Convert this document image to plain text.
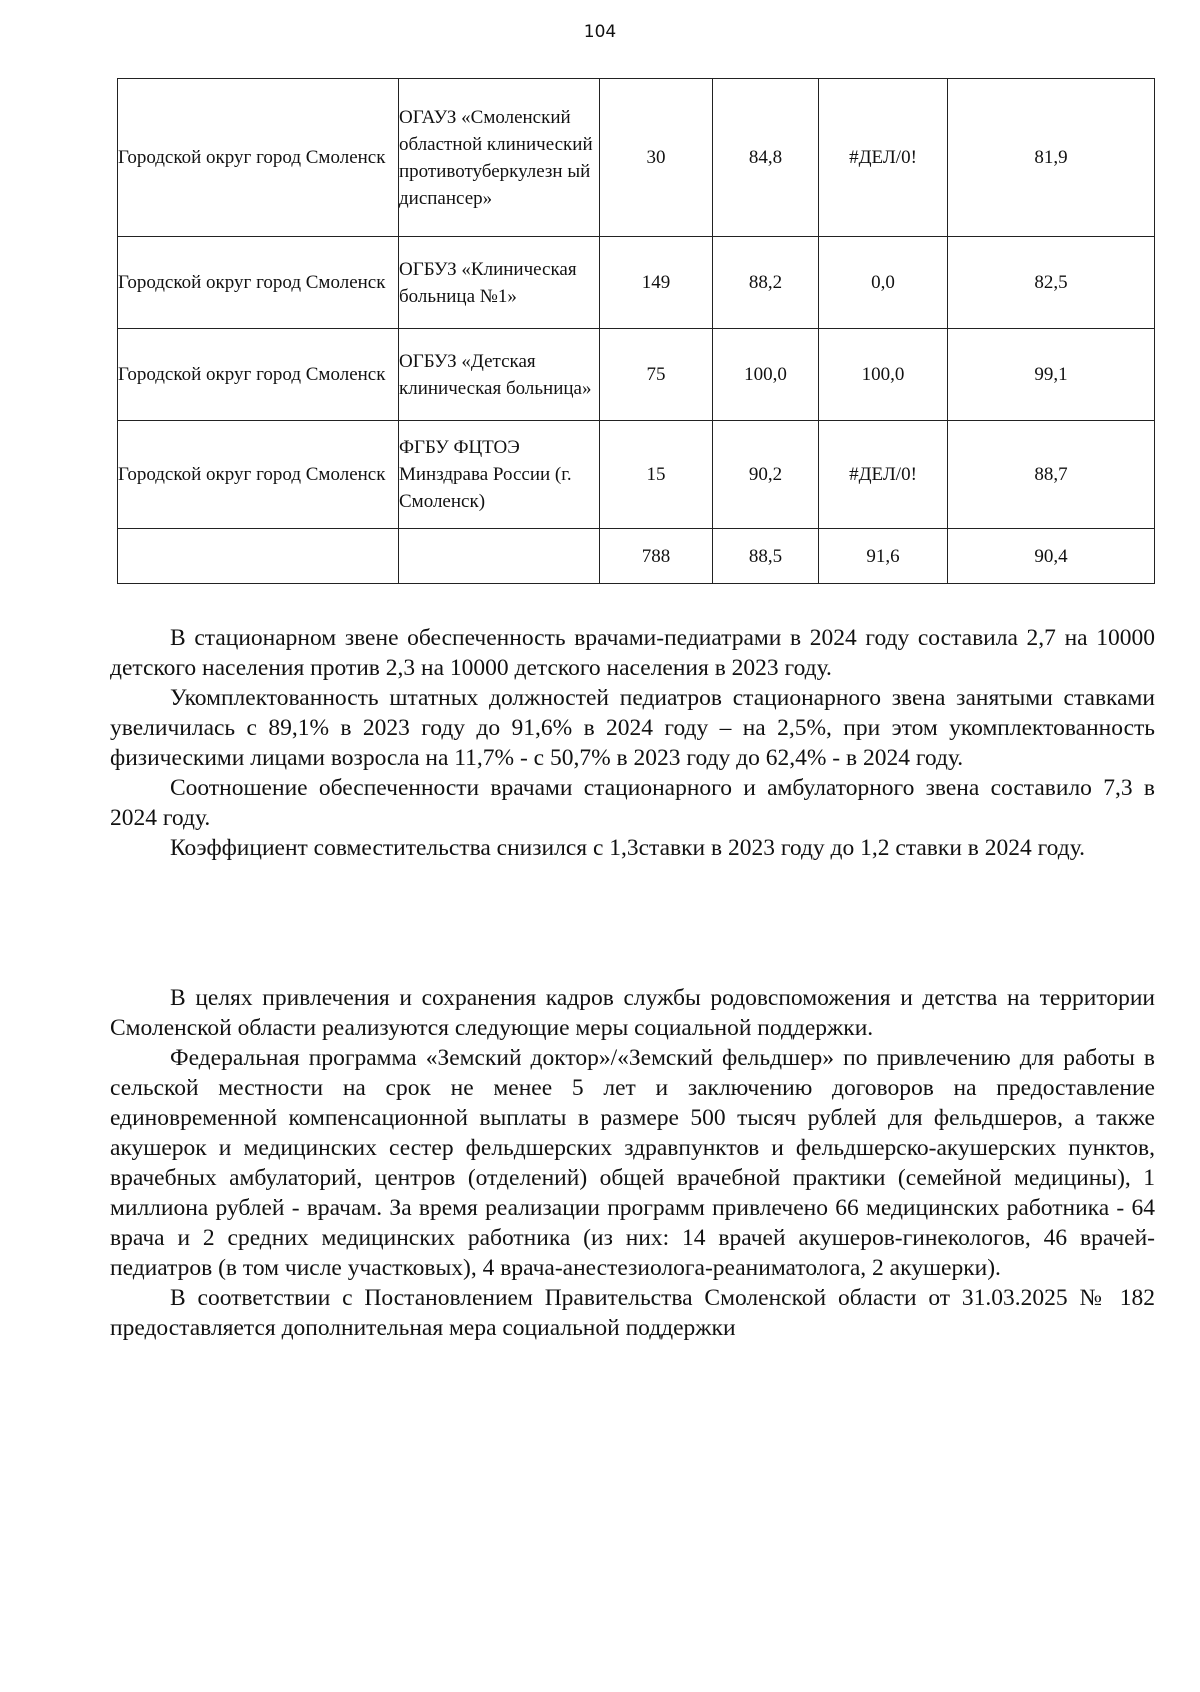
104
Городской округ город Смоленск	ОГАУЗ «Смоленский областной клинический противотуберкулезн ый диспансер»	30	84,8	#ДЕЛ/0!	81,9
Городской округ город Смоленск	ОГБУЗ «Клиническая больница №1»	149	88,2	0,0	82,5
Городской округ город Смоленск	ОГБУЗ «Детская клиническая больница»	75	100,0	100,0	99,1
Городской округ город Смоленск	ФГБУ ФЦТОЭ Минздрава России (г. Смоленск)	15	90,2	#ДЕЛ/0!	88,7
		788	88,5	91,6	90,4

В стационарном звене обеспеченность врачами-педиатрами в 2024 году составила 2,7 на 10000 детского населения против 2,3 на 10000 детского населения в 2023 году.

Укомплектованность штатных должностей педиатров стационарного звена занятыми ставками увеличилась с 89,1% в 2023 году до 91,6% в 2024 году – на 2,5%, при этом укомплектованность физическими лицами возросла на 11,7% - с 50,7% в 2023 году до 62,4% - в 2024 году.

Соотношение обеспеченности врачами стационарного и амбулаторного звена составило 7,3 в 2024 году.

Коэффициент совместительства снизился с 1,3ставки в 2023 году до 1,2 ставки в 2024 году.

В целях привлечения и сохранения кадров службы родовспоможения и детства на территории Смоленской области реализуются следующие меры социальной поддержки.

Федеральная программа «Земский доктор»/«Земский фельдшер» по привлечению для работы в сельской местности на срок не менее 5 лет и заключению договоров на предоставление единовременной компенсационной выплаты в размере 500 тысяч рублей для фельдшеров, а также акушерок и медицинских сестер фельдшерских здравпунктов и фельдшерско-акушерских пунктов, врачебных амбулаторий, центров (отделений) общей врачебной практики (семейной медицины), 1 миллиона рублей - врачам. За время реализации программ привлечено 66 медицинских работника - 64 врача и 2 средних медицинских работника (из них: 14 врачей акушеров-гинекологов, 46 врачей-педиатров (в том числе участковых), 4 врача-анестезиолога-реаниматолога, 2 акушерки).

В соответствии с Постановлением Правительства Смоленской области от 31.03.2025 № 182 предоставляется дополнительная мера социальной поддержки
